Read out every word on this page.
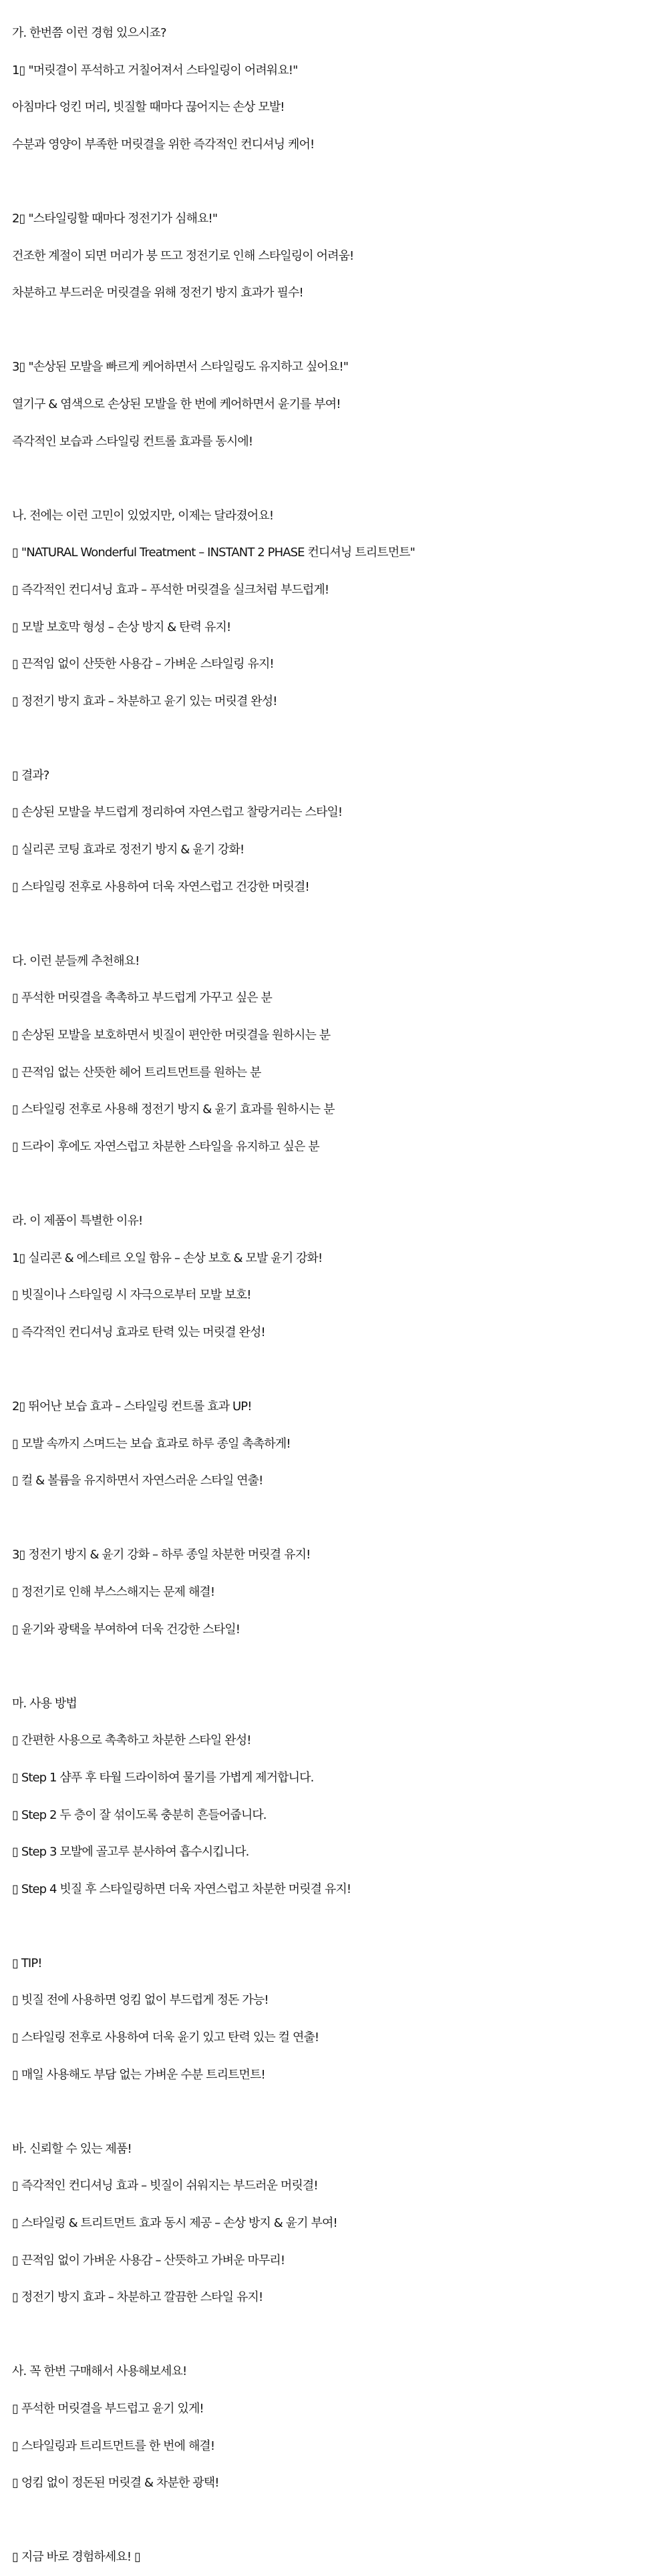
가. 한번쯤 이런 경험 있으시죠?
1▯ "머릿결이 푸석하고 거칠어져서 스타일링이 어려워요!"
아침마다 엉킨 머리, 빗질할 때마다 끊어지는 손상 모발!
수분과 영양이 부족한 머릿결을 위한 즉각적인 컨디셔닝 케어!
2▯ "스타일링할 때마다 정전기가 심해요!"
건조한 계절이 되면 머리가 붕 뜨고 정전기로 인해 스타일링이 어려움!
차분하고 부드러운 머릿결을 위해 정전기 방지 효과가 필수!
3▯ "손상된 모발을 빠르게 케어하면서 스타일링도 유지하고 싶어요!"
열기구 & 염색으로 손상된 모발을 한 번에 케어하면서 윤기를 부여!
즉각적인 보습과 스타일링 컨트롤 효과를 동시에!
나. 전에는 이런 고민이 있었지만, 이제는 달라졌어요!
▯ "NATURAL Wonderful Treatment – INSTANT 2 PHASE 컨디셔닝 트리트먼트"
▯ 즉각적인 컨디셔닝 효과 – 푸석한 머릿결을 실크처럼 부드럽게!
▯ 모발 보호막 형성 – 손상 방지 & 탄력 유지!
▯ 끈적임 없이 산뜻한 사용감 – 가벼운 스타일링 유지!
▯ 정전기 방지 효과 – 차분하고 윤기 있는 머릿결 완성!
▯ 결과?
▯ 손상된 모발을 부드럽게 정리하여 자연스럽고 찰랑거리는 스타일!
▯ 실리콘 코팅 효과로 정전기 방지 & 윤기 강화!
▯ 스타일링 전후로 사용하여 더욱 자연스럽고 건강한 머릿결!
다. 이런 분들께 추천해요!
▯ 푸석한 머릿결을 촉촉하고 부드럽게 가꾸고 싶은 분
▯ 손상된 모발을 보호하면서 빗질이 편안한 머릿결을 원하시는 분
▯ 끈적임 없는 산뜻한 헤어 트리트먼트를 원하는 분
▯ 스타일링 전후로 사용해 정전기 방지 & 윤기 효과를 원하시는 분
▯ 드라이 후에도 자연스럽고 차분한 스타일을 유지하고 싶은 분
라. 이 제품이 특별한 이유!
1▯ 실리콘 & 에스테르 오일 함유 – 손상 보호 & 모발 윤기 강화!
▯ 빗질이나 스타일링 시 자극으로부터 모발 보호!
▯ 즉각적인 컨디셔닝 효과로 탄력 있는 머릿결 완성!
2▯ 뛰어난 보습 효과 – 스타일링 컨트롤 효과 UP!
▯ 모발 속까지 스며드는 보습 효과로 하루 종일 촉촉하게!
▯ 컬 & 볼륨을 유지하면서 자연스러운 스타일 연출!
3▯ 정전기 방지 & 윤기 강화 – 하루 종일 차분한 머릿결 유지!
▯ 정전기로 인해 부스스해지는 문제 해결!
▯ 윤기와 광택을 부여하여 더욱 건강한 스타일!
마. 사용 방법
▯ 간편한 사용으로 촉촉하고 차분한 스타일 완성!
▯ Step 1 샴푸 후 타월 드라이하여 물기를 가볍게 제거합니다.
▯ Step 2 두 층이 잘 섞이도록 충분히 흔들어줍니다.
▯ Step 3 모발에 골고루 분사하여 흡수시킵니다.
▯ Step 4 빗질 후 스타일링하면 더욱 자연스럽고 차분한 머릿결 유지!
▯ TIP!
▯ 빗질 전에 사용하면 엉킴 없이 부드럽게 정돈 가능!
▯ 스타일링 전후로 사용하여 더욱 윤기 있고 탄력 있는 컬 연출!
▯ 매일 사용해도 부담 없는 가벼운 수분 트리트먼트!
바. 신뢰할 수 있는 제품!
▯ 즉각적인 컨디셔닝 효과 – 빗질이 쉬워지는 부드러운 머릿결!
▯ 스타일링 & 트리트먼트 효과 동시 제공 – 손상 방지 & 윤기 부여!
▯ 끈적임 없이 가벼운 사용감 – 산뜻하고 가벼운 마무리!
▯ 정전기 방지 효과 – 차분하고 깔끔한 스타일 유지!
사. 꼭 한번 구매해서 사용해보세요!
▯ 푸석한 머릿결을 부드럽고 윤기 있게!
▯ 스타일링과 트리트먼트를 한 번에 해결!
▯ 엉킴 없이 정돈된 머릿결 & 차분한 광택!
▯ 지금 바로 경험하세요! ▯
